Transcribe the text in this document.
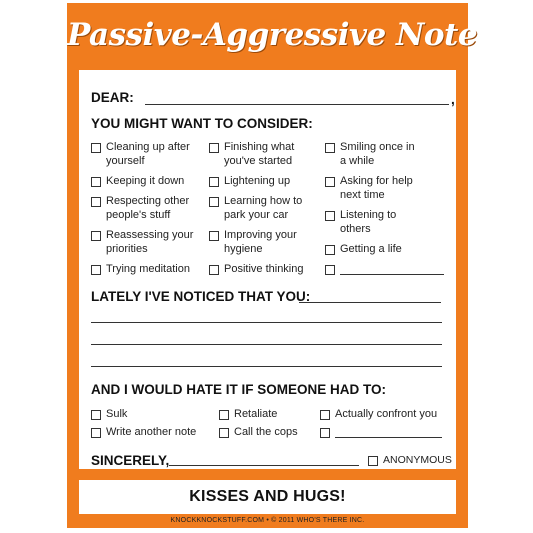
Passive-Aggressive Note
DEAR:	,
YOU MIGHT WANT TO CONSIDER:
Cleaning up after
yourself
Keeping it down
Respecting other
people's stuff
Reassessing your
priorities
Trying meditation
Finishing what
you've started
Lightening up
Learning how to
park your car
Improving your
hygiene
Positive thinking
Smiling once in
a while
Asking for help
next time
Listening to
others
Getting a life
LATELY I'VE NOTICED THAT YOU:
AND I WOULD HATE IT IF SOMEONE HAD TO:
Sulk	Retaliate	Actually confront you
Write another note	Call the cops
SINCERELY,	ANONYMOUS
KISSES AND HUGS!
KNOCKKNOCKSTUFF.COM • © 2011 WHO'S THERE INC.
